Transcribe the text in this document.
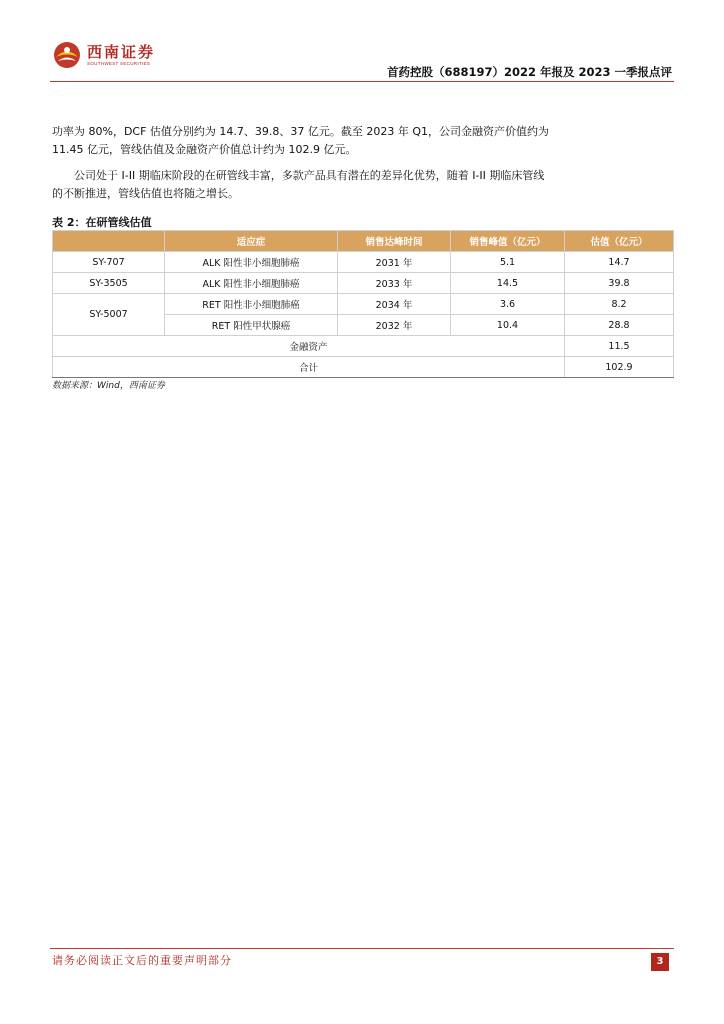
西南证券
SOUTHWEST SECURITIES
首药控股（688197）2022 年报及 2023 一季报点评
功率为 80%，DCF 估值分别约为 14.7、39.8、37 亿元。截至 2023 年 Q1，公司金融资产价值约为 11.45 亿元，管线估值及金融资产价值总计约为 102.9 亿元。
公司处于 I-II 期临床阶段的在研管线丰富，多款产品具有潜在的差异化优势，随着 I-II 期临床管线的不断推进，管线估值也将随之增长。
表 2：在研管线估值
	适应症	销售达峰时间	销售峰值（亿元）	估值（亿元）
SY-707	ALK 阳性非小细胞肺癌	2031 年	5.1	14.7
SY-3505	ALK 阳性非小细胞肺癌	2033 年	14.5	39.8
SY-5007	RET 阳性非小细胞肺癌	2034 年	3.6	8.2
	RET 阳性甲状腺癌	2032 年	10.4	28.8
金融资产				11.5
合计				102.9
数据来源：Wind，西南证券
请务必阅读正文后的重要声明部分	3
